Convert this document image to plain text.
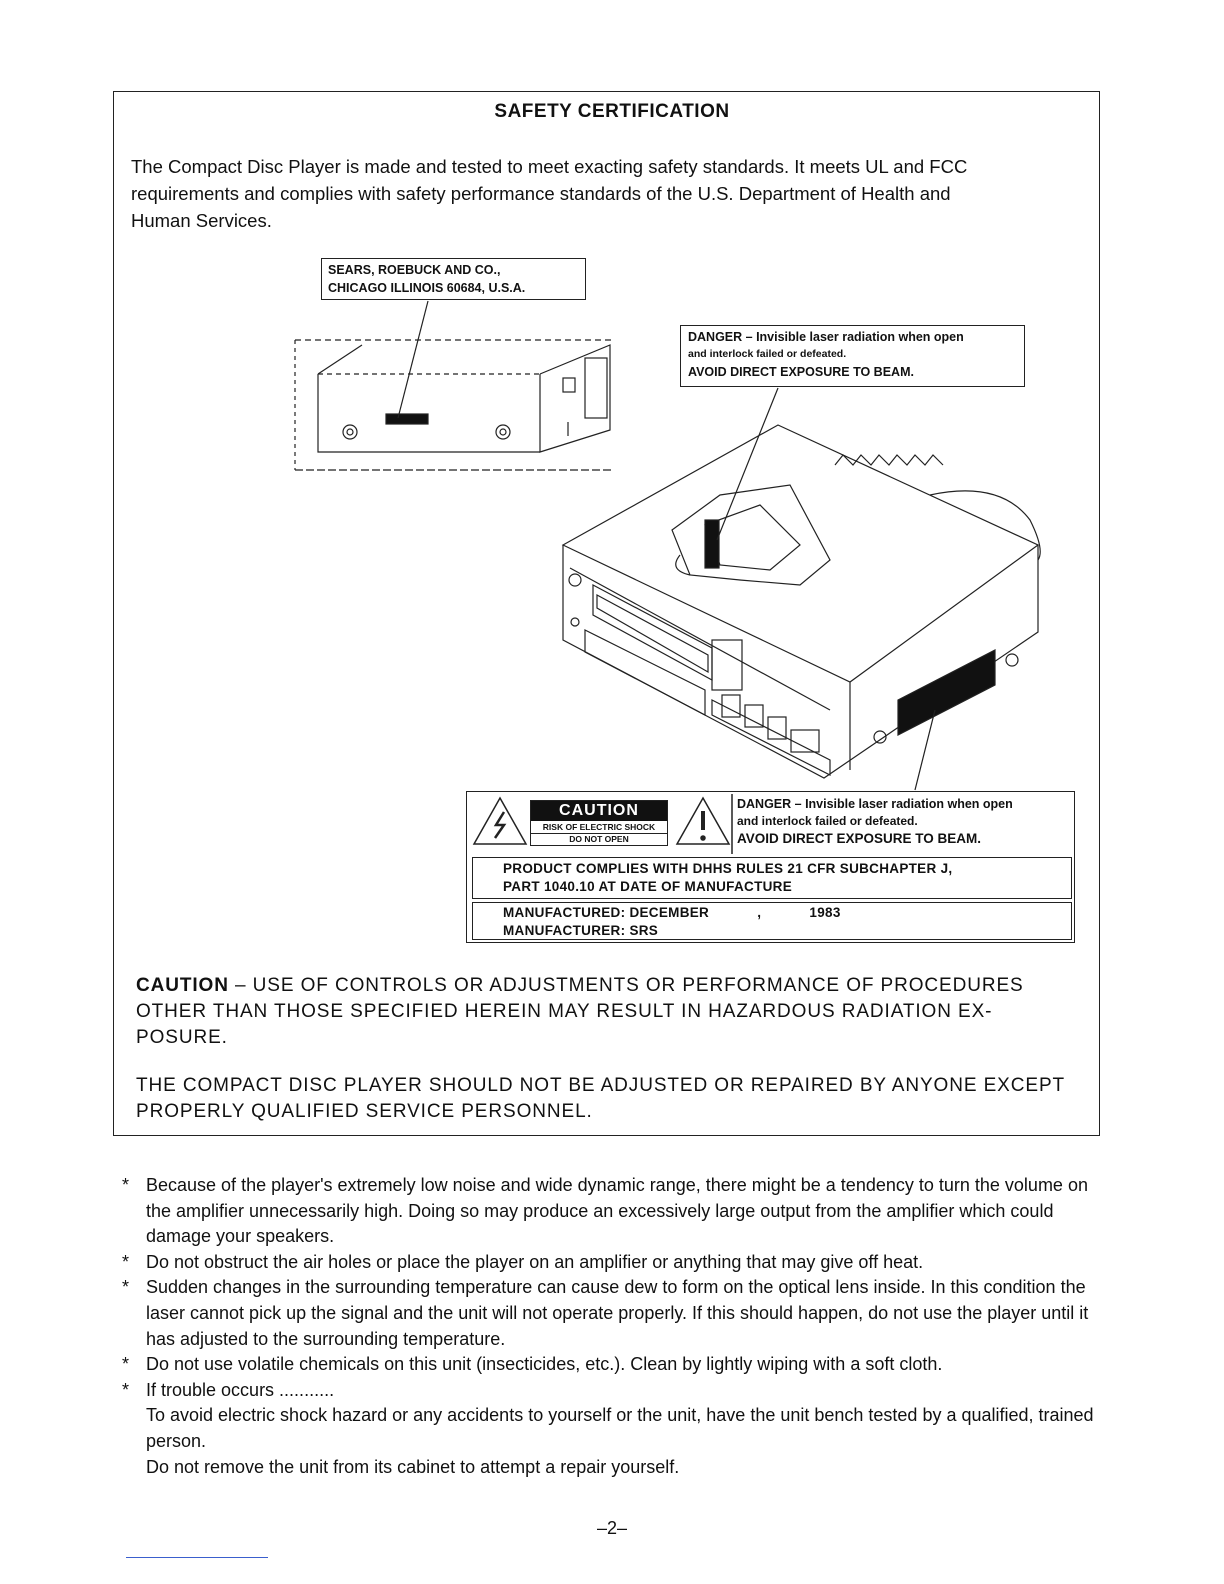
SAFETY CERTIFICATION
The Compact Disc Player is made and tested to meet exacting safety standards. It meets UL and FCC
requirements and complies with safety performance standards of the U.S. Department of Health and
Human Services.
SEARS, ROEBUCK AND CO.,
CHICAGO ILLINOIS 60684, U.S.A.
DANGER – Invisible laser radiation when open
and interlock failed or defeated.
AVOID DIRECT EXPOSURE TO BEAM.
CAUTION
RISK OF ELECTRIC SHOCK
DO NOT OPEN
DANGER – Invisible laser radiation when open
and interlock failed or defeated.
AVOID DIRECT EXPOSURE TO BEAM.
PRODUCT COMPLIES WITH DHHS RULES 21 CFR SUBCHAPTER J,
PART 1040.10 AT DATE OF MANUFACTURE
MANUFACTURED: DECEMBER	,	1983
MANUFACTURER: SRS
CAUTION – USE OF CONTROLS OR ADJUSTMENTS OR PERFORMANCE OF PROCEDURES OTHER THAN THOSE SPECIFIED HEREIN MAY RESULT IN HAZARDOUS RADIATION EX- POSURE.
THE COMPACT DISC PLAYER SHOULD NOT BE ADJUSTED OR REPAIRED BY ANYONE EXCEPT PROPERLY QUALIFIED SERVICE PERSONNEL.
* Because of the player's extremely low noise and wide dynamic range, there might be a tendency to turn the volume on the amplifier unnecessarily high. Doing so may produce an excessively large output from the amplifier which could damage your speakers.
* Do not obstruct the air holes or place the player on an amplifier or anything that may give off heat.
* Sudden changes in the surrounding temperature can cause dew to form on the optical lens inside. In this condition the laser cannot pick up the signal and the unit will not operate properly. If this should happen, do not use the player until it has adjusted to the surrounding temperature.
* Do not use volatile chemicals on this unit (insecticides, etc.). Clean by lightly wiping with a soft cloth.
* If trouble occurs ...........
To avoid electric shock hazard or any accidents to yourself or the unit, have the unit bench tested by a qualified, trained person.
Do not remove the unit from its cabinet to attempt a repair yourself.
–2–
